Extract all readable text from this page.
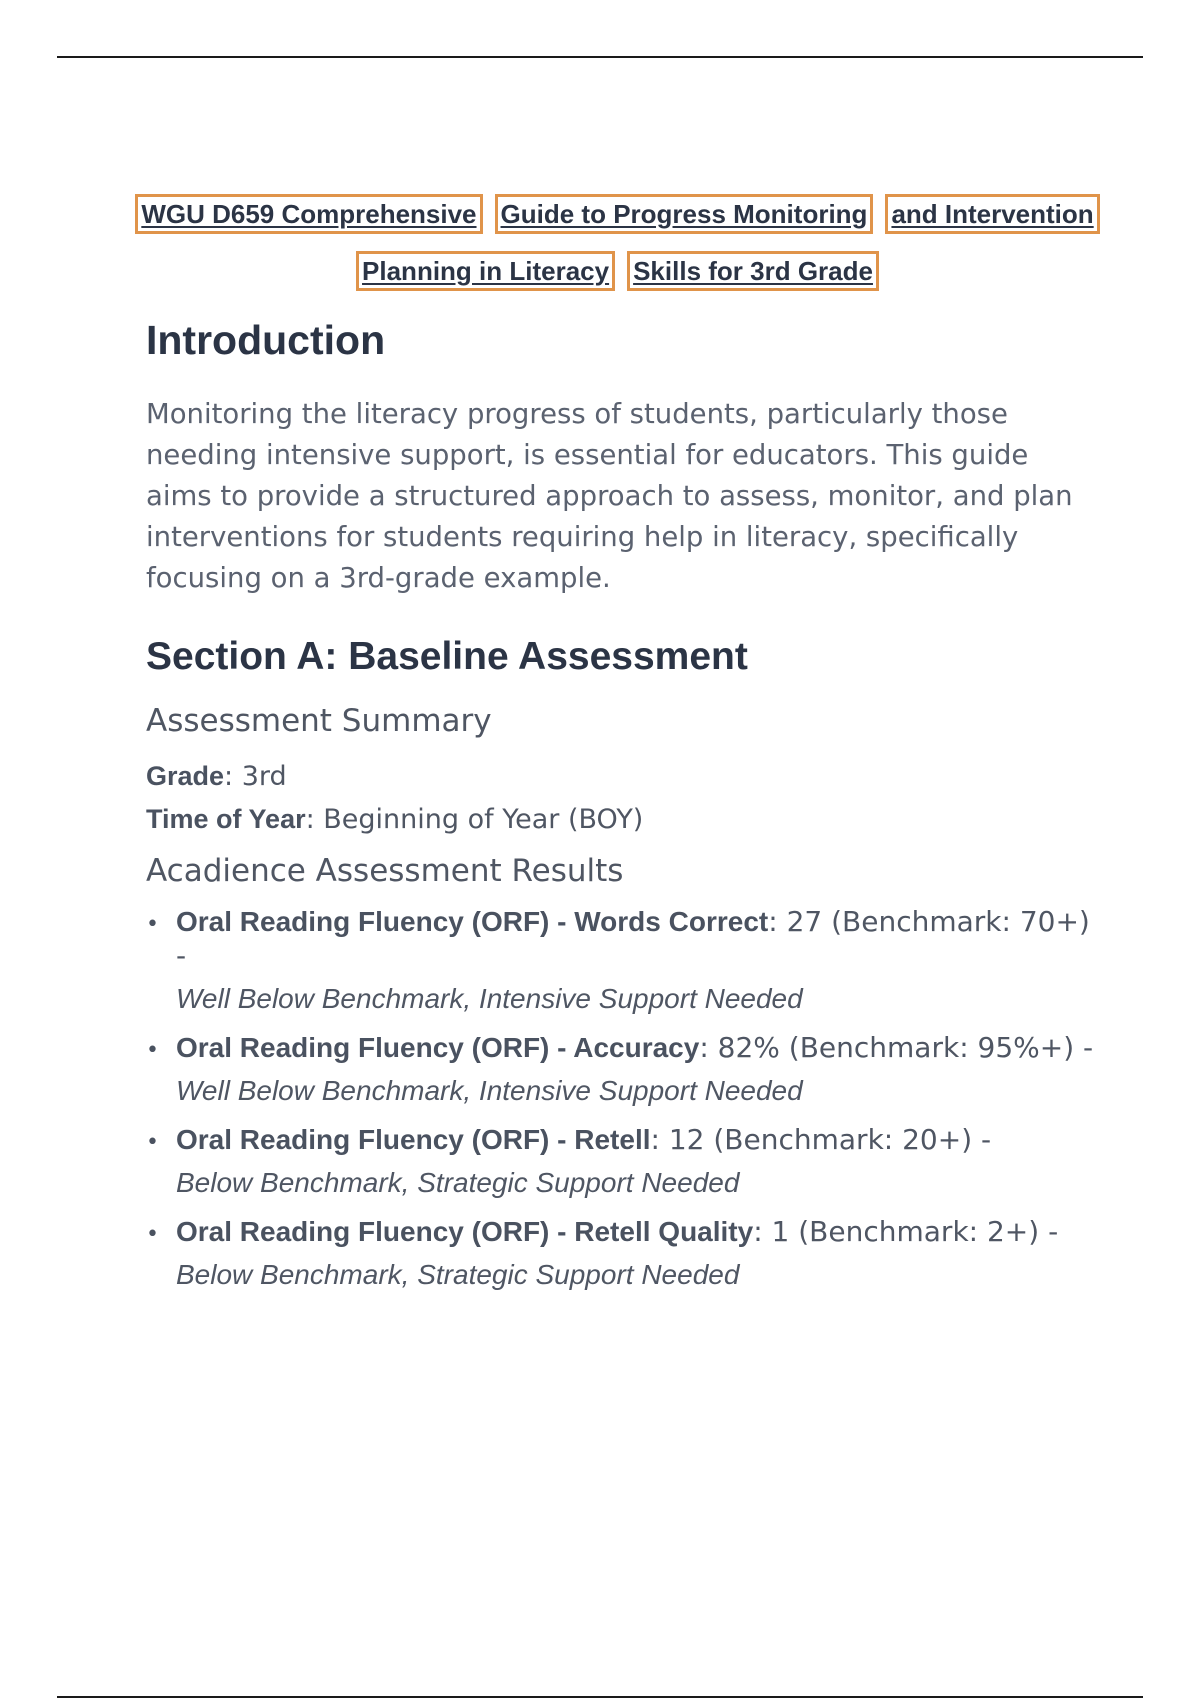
WGU D659 Comprehensive Guide to Progress Monitoring and Intervention
Planning in Literacy Skills for 3rd Grade
Introduction

Monitoring the literacy progress of students, particularly those needing intensive support, is essential for educators. This guide aims to provide a structured approach to assess, monitor, and plan interventions for students requiring help in literacy, specifically focusing on a 3rd-grade example.

Section A: Baseline Assessment
Assessment Summary
Grade: 3rd
Time of Year: Beginning of Year (BOY)
Acadience Assessment Results
• Oral Reading Fluency (ORF) - Words Correct: 27 (Benchmark: 70+) -
Well Below Benchmark, Intensive Support Needed
• Oral Reading Fluency (ORF) - Accuracy: 82% (Benchmark: 95%+) -
Well Below Benchmark, Intensive Support Needed
• Oral Reading Fluency (ORF) - Retell: 12 (Benchmark: 20+) -
Below Benchmark, Strategic Support Needed
• Oral Reading Fluency (ORF) - Retell Quality: 1 (Benchmark: 2+) -
Below Benchmark, Strategic Support Needed
